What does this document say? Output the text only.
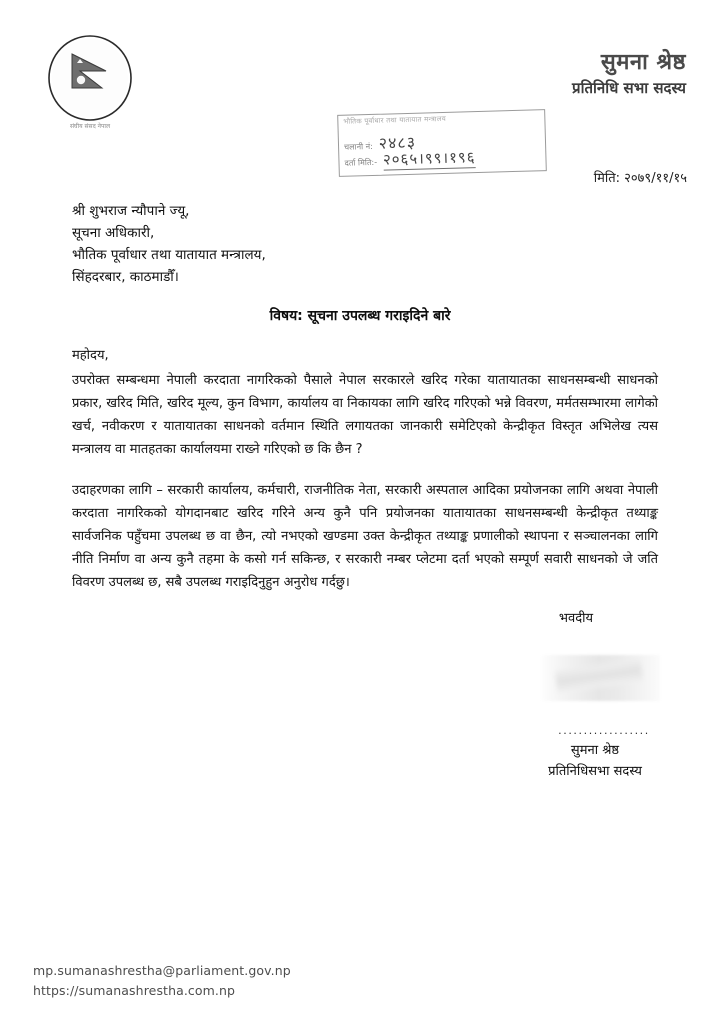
संघीय संसद नेपाल
सुमना श्रेष्ठ
प्रतिनिधि सभा सदस्य
भौतिक पूर्वाधार तथा यातायात मन्त्रालय
चलानी नं: २४८३
दर्ता मिति:- २०६५।९९।१९६
मिति: २०७९/११/१५
श्री शुभराज न्यौपाने ज्यू,
सूचना अधिकारी,
भौतिक पूर्वाधार तथा यातायात मन्त्रालय,
सिंहदरबार, काठमाडौँ।
विषय: सूचना उपलब्ध गराइदिने बारे
महोदय,
उपरोक्त सम्बन्धमा नेपाली करदाता नागरिकको पैसाले नेपाल सरकारले खरिद गरेका यातायातका साधनसम्बन्धी साधनको प्रकार, खरिद मिति, खरिद मूल्य, कुन विभाग, कार्यालय वा निकायका लागि खरिद गरिएको भन्ने विवरण, मर्मतसम्भारमा लागेको खर्च, नवीकरण र यातायातका साधनको वर्तमान स्थिति लगायतका जानकारी समेटिएको केन्द्रीकृत विस्तृत अभिलेख त्यस मन्त्रालय वा मातहतका कार्यालयमा राख्ने गरिएको छ कि छैन ?
उदाहरणका लागि – सरकारी कार्यालय, कर्मचारी, राजनीतिक नेता, सरकारी अस्पताल आदिका प्रयोजनका लागि अथवा नेपाली करदाता नागरिकको योगदानबाट खरिद गरिने अन्य कुनै पनि प्रयोजनका यातायातका साधनसम्बन्धी केन्द्रीकृत तथ्याङ्क सार्वजनिक पहुँचमा उपलब्ध छ वा छैन, त्यो नभएको खण्डमा उक्त केन्द्रीकृत तथ्याङ्क प्रणालीको स्थापना र सञ्चालनका लागि नीति निर्माण वा अन्य कुनै तहमा के कसो गर्न सकिन्छ, र सरकारी नम्बर प्लेटमा दर्ता भएको सम्पूर्ण सवारी साधनको जे जति विवरण उपलब्ध छ, सबै उपलब्ध गराइदिनुहुन अनुरोध गर्दछु।
भवदीय
..................
सुमना श्रेष्ठ
प्रतिनिधिसभा सदस्य
mp.sumanashrestha@parliament.gov.np
https://sumanashrestha.com.np
